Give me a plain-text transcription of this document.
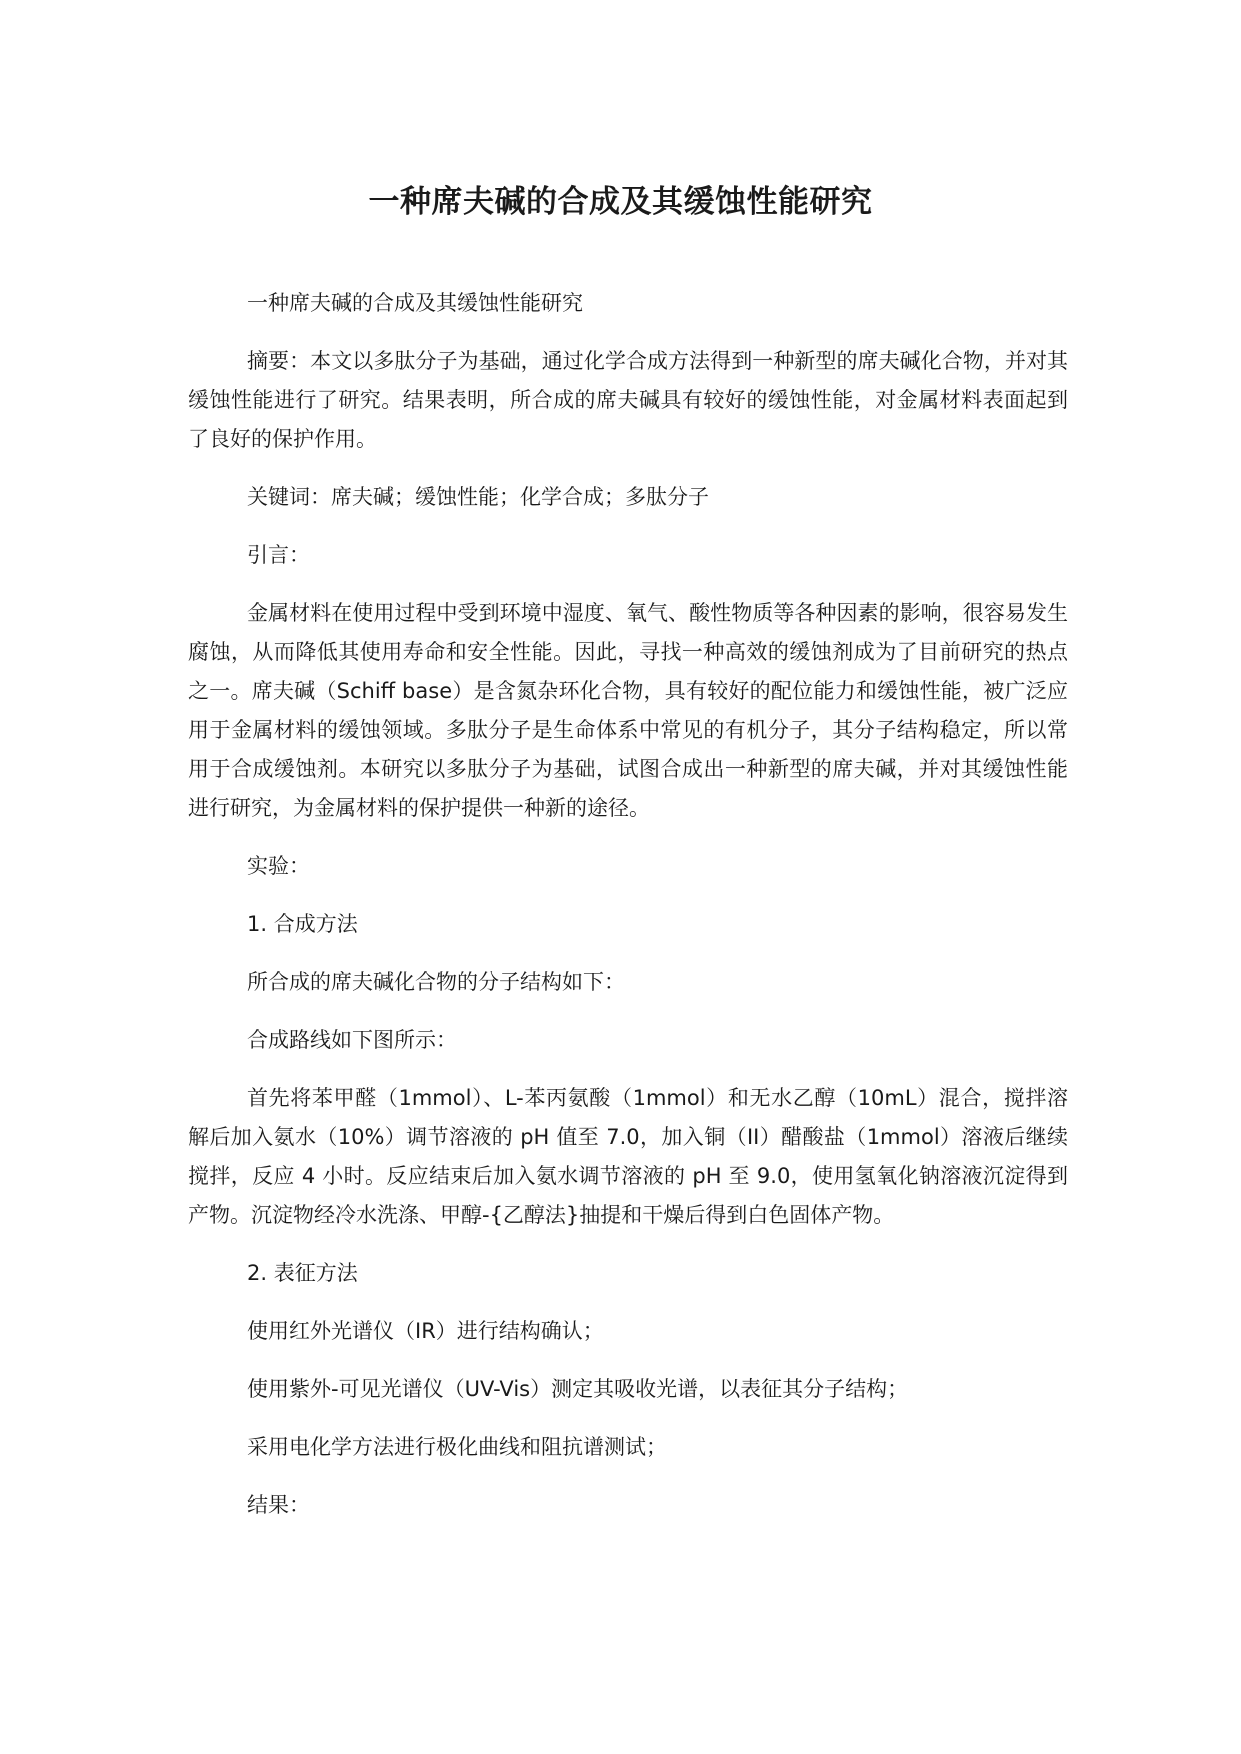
一种席夫碱的合成及其缓蚀性能研究

一种席夫碱的合成及其缓蚀性能研究

摘要：本文以多肽分子为基础，通过化学合成方法得到一种新型的席夫碱化合物，并对其缓蚀性能进行了研究。结果表明，所合成的席夫碱具有较好的缓蚀性能，对金属材料表面起到了良好的保护作用。

关键词：席夫碱；缓蚀性能；化学合成；多肽分子

引言：

金属材料在使用过程中受到环境中湿度、氧气、酸性物质等各种因素的影响，很容易发生腐蚀，从而降低其使用寿命和安全性能。因此，寻找一种高效的缓蚀剂成为了目前研究的热点之一。席夫碱（Schiff base）是含氮杂环化合物，具有较好的配位能力和缓蚀性能，被广泛应用于金属材料的缓蚀领域。多肽分子是生命体系中常见的有机分子，其分子结构稳定，所以常用于合成缓蚀剂。本研究以多肽分子为基础，试图合成出一种新型的席夫碱，并对其缓蚀性能进行研究，为金属材料的保护提供一种新的途径。

实验：

1. 合成方法

所合成的席夫碱化合物的分子结构如下：

合成路线如下图所示：

首先将苯甲醛（1mmol）、L-苯丙氨酸（1mmol）和无水乙醇（10mL）混合，搅拌溶解后加入氨水（10%）调节溶液的 pH 值至 7.0，加入铜（II）醋酸盐（1mmol）溶液后继续搅拌，反应 4 小时。反应结束后加入氨水调节溶液的 pH 至 9.0，使用氢氧化钠溶液沉淀得到产物。沉淀物经冷水洗涤、甲醇-{乙醇法}抽提和干燥后得到白色固体产物。

2. 表征方法

使用红外光谱仪（IR）进行结构确认；

使用紫外-可见光谱仪（UV-Vis）测定其吸收光谱，以表征其分子结构；

采用电化学方法进行极化曲线和阻抗谱测试；

结果：
